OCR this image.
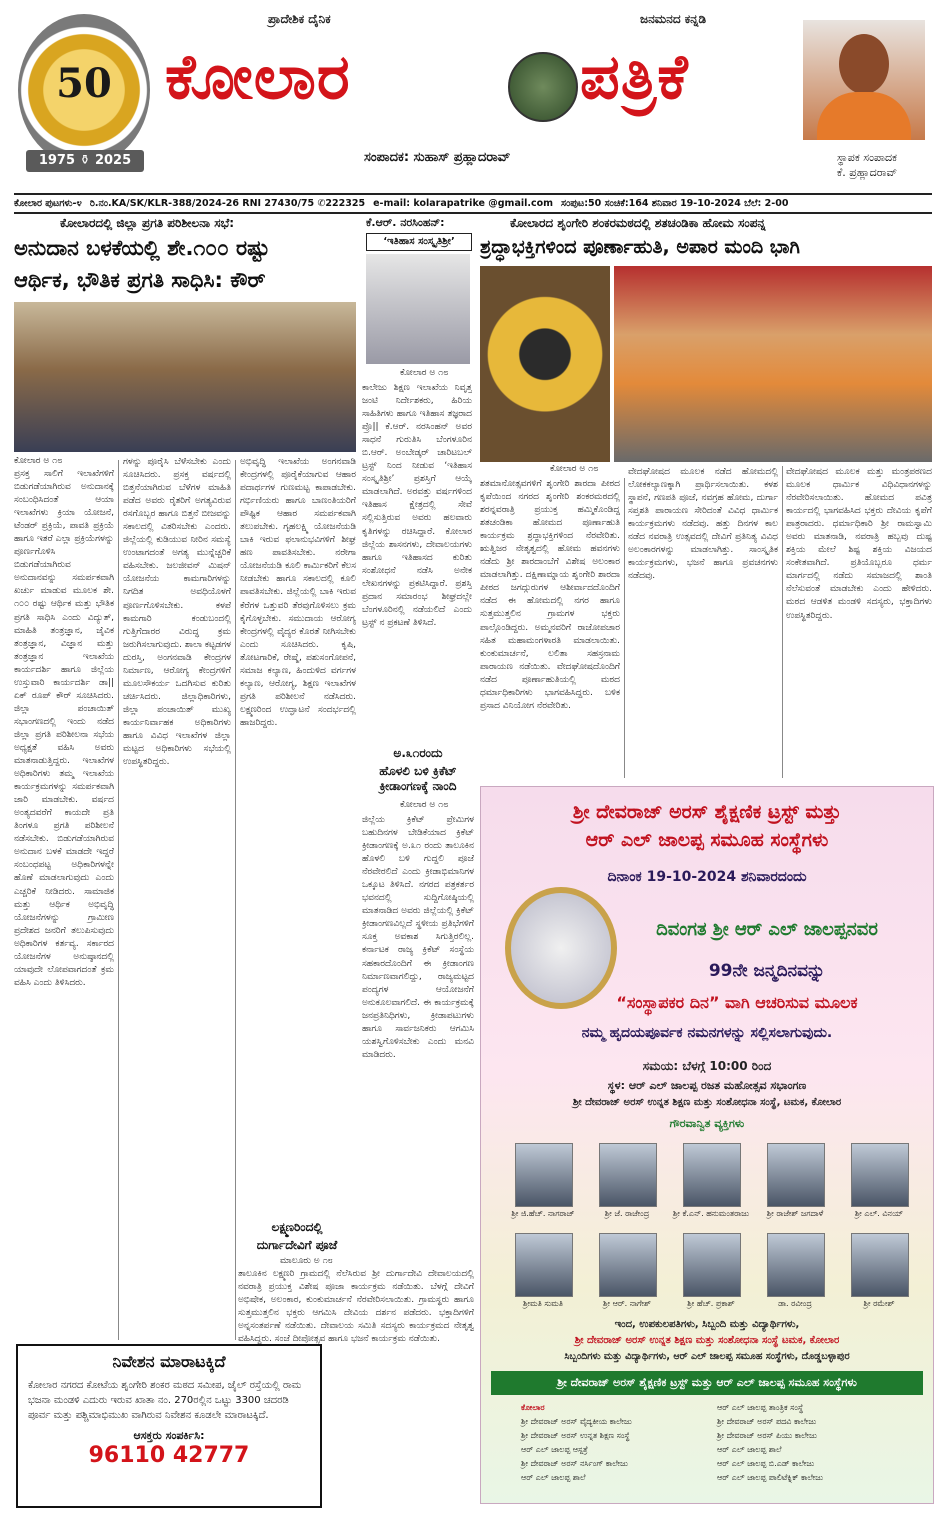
50
1975 ⚱ 2025
ಪ್ರಾದೇಶಿಕ ದೈನಿಕ	ಜನಮನದ ಕನ್ನಡಿ
ಕೋಲಾರ	ಪತ್ರಿಕೆ
ಸಂಪಾದಕ: ಸುಹಾಸ್ ಪ್ರಹ್ಲಾದರಾವ್	ಸ್ಥಾಪಕ ಸಂಪಾದಕ
ಕೆ. ಪ್ರಹ್ಲಾದರಾವ್
ಕೋಲಾರ ಪುಟಗಳು-೪ ರಿ.ನಂ.KA/SK/KLR-388/2024-26 RNI 27430/75 ✆222325 e-mail: kolarapatrike @gmail.com ಸಂಪುಟ:50 ಸಂಚಿಕೆ:164 ಶನಿವಾರ 19-10-2024 ಬೆಲೆ: 2-00
ಕೋಲಾರದಲ್ಲಿ ಜಿಲ್ಲಾ ಪ್ರಗತಿ ಪರಿಶೀಲನಾ ಸಭೆ:
ಅನುದಾನ ಬಳಕೆಯಲ್ಲಿ ಶೇ.೧೦೦ ರಷ್ಟು
ಆರ್ಥಿಕ, ಭೌತಿಕ ಪ್ರಗತಿ ಸಾಧಿಸಿ: ಕೌರ್
ಕೋಲಾರ ಅ ೧೮
ಪ್ರಸಕ್ತ ಸಾಲಿಗೆ ಇಲಾಖೆಗಳಿಗೆ ಬಿಡುಗಡೆಯಾಗಿರುವ ಅನುದಾನಕ್ಕೆ ಸಂಬಂಧಿಸಿದಂತೆ ಆಯಾ ಇಲಾಖೆಗಳು ಕ್ರಿಯಾ ಯೋಜನೆ, ಟೆಂಡರ್ ಪ್ರಕ್ರಿಯೆ, ಪಾವತಿ ಪ್ರಕ್ರಿಯೆ ಹಾಗೂ ಇತರೆ ಎಲ್ಲಾ ಪ್ರಕ್ರಿಯೆಗಳನ್ನು ಪೂರ್ಣಗೊಳಿಸಿ ಬಿಡುಗಡೆಯಾಗಿರುವ ಅನುದಾನವನ್ನು ಸಮರ್ಪಕವಾಗಿ ಖರ್ಚು ಮಾಡುವ ಮೂಲಕ ಶೇ. ೧೦೦ ರಷ್ಟು ಆರ್ಥಿಕ ಮತ್ತು ಭೌತಿಕ ಪ್ರಗತಿ ಸಾಧಿಸಿ ಎಂದು ವಿದ್ಯುತ್, ಮಾಹಿತಿ ತಂತ್ರಜ್ಞಾನ, ಜೈವಿಕ ತಂತ್ರಜ್ಞಾನ, ವಿಜ್ಞಾನ ಮತ್ತು ತಂತ್ರಜ್ಞಾನ ಇಲಾಖೆಯ ಕಾರ್ಯದರ್ಶಿ ಹಾಗೂ ಜಿಲ್ಲೆಯ ಉಸ್ತುವಾರಿ ಕಾರ್ಯದರ್ಶಿ ಡಾ|| ಏಕ್ ರೂಪ್ ಕೌರ್ ಸೂಚಿಸಿದರು. ಜಿಲ್ಲಾ ಪಂಚಾಯಿತ್ ಸಭಾಂಗಣದಲ್ಲಿ ಇಂದು ನಡೆದ ಜಿಲ್ಲಾ ಪ್ರಗತಿ ಪರಿಶೀಲನಾ ಸಭೆಯ ಅಧ್ಯಕ್ಷತೆ ವಹಿಸಿ ಅವರು ಮಾತನಾಡುತ್ತಿದ್ದರು. ಇಲಾಖೆಗಳ ಅಧಿಕಾರಿಗಳು ತಮ್ಮ ಇಲಾಖೆಯ ಕಾರ್ಯಕ್ರಮಗಳನ್ನು ಸಮರ್ಪಕವಾಗಿ ಜಾರಿ ಮಾಡಬೇಕು. ವರ್ಷದ ಅಂತ್ಯದವರೆಗೆ ಕಾಯದೇ ಪ್ರತಿ ತಿಂಗಳೂ ಪ್ರಗತಿ ಪರಿಶೀಲನೆ ನಡೆಸಬೇಕು. ಬಿಡುಗಡೆಯಾಗಿರುವ ಅನುದಾನ ಬಳಕೆ ಮಾಡದೇ ಇದ್ದರೆ ಸಂಬಂಧಪಟ್ಟ ಅಧಿಕಾರಿಗಳನ್ನೇ ಹೊಣೆ ಮಾಡಲಾಗುವುದು ಎಂದು ಎಚ್ಚರಿಕೆ ನೀಡಿದರು. ಸಾಮಾಜಿಕ ಮತ್ತು ಆರ್ಥಿಕ ಅಭಿವೃದ್ಧಿ ಯೋಜನೆಗಳನ್ನು ಗ್ರಾಮೀಣ ಪ್ರದೇಶದ ಜನರಿಗೆ ತಲುಪಿಸುವುದು ಅಧಿಕಾರಿಗಳ ಕರ್ತವ್ಯ. ಸರ್ಕಾರದ ಯೋಜನೆಗಳ ಅನುಷ್ಠಾನದಲ್ಲಿ ಯಾವುದೇ ಲೋಪವಾಗದಂತೆ ಕ್ರಮ ವಹಿಸಿ ಎಂದು ತಿಳಿಸಿದರು.
ಗಳನ್ನು ಪೂರೈಸಿ ಬೆಳೆಸಬೇಕು ಎಂದು ಸೂಚಿಸಿದರು. ಪ್ರಸಕ್ತ ವರ್ಷದಲ್ಲಿ ಬಿತ್ತನೆಯಾಗಿರುವ ಬೆಳೆಗಳ ಮಾಹಿತಿ ಪಡೆದ ಅವರು ರೈತರಿಗೆ ಅಗತ್ಯವಿರುವ ರಸಗೊಬ್ಬರ ಹಾಗೂ ಬಿತ್ತನೆ ಬೀಜವನ್ನು ಸಕಾಲದಲ್ಲಿ ವಿತರಿಸಬೇಕು ಎಂದರು. ಜಿಲ್ಲೆಯಲ್ಲಿ ಕುಡಿಯುವ ನೀರಿನ ಸಮಸ್ಯೆ ಉಂಟಾಗದಂತೆ ಅಗತ್ಯ ಮುನ್ನೆಚ್ಚರಿಕೆ ವಹಿಸಬೇಕು. ಜಲಜೀವನ್ ಮಿಷನ್ ಯೋಜನೆಯ ಕಾಮಗಾರಿಗಳನ್ನು ನಿಗದಿತ ಅವಧಿಯೊಳಗೆ ಪೂರ್ಣಗೊಳಿಸಬೇಕು. ಕಳಪೆ ಕಾಮಗಾರಿ ಕಂಡುಬಂದಲ್ಲಿ ಗುತ್ತಿಗೆದಾರರ ವಿರುದ್ಧ ಕ್ರಮ ಜರುಗಿಸಲಾಗುವುದು. ಶಾಲಾ ಕಟ್ಟಡಗಳ ದುರಸ್ತಿ, ಅಂಗನವಾಡಿ ಕೇಂದ್ರಗಳ ನಿರ್ಮಾಣ, ಆರೋಗ್ಯ ಕೇಂದ್ರಗಳಿಗೆ ಮೂಲಸೌಕರ್ಯ ಒದಗಿಸುವ ಕುರಿತು ಚರ್ಚಿಸಿದರು. ಜಿಲ್ಲಾಧಿಕಾರಿಗಳು, ಜಿಲ್ಲಾ ಪಂಚಾಯಿತ್ ಮುಖ್ಯ ಕಾರ್ಯನಿರ್ವಾಹಕ ಅಧಿಕಾರಿಗಳು ಹಾಗೂ ವಿವಿಧ ಇಲಾಖೆಗಳ ಜಿಲ್ಲಾ ಮಟ್ಟದ ಅಧಿಕಾರಿಗಳು ಸಭೆಯಲ್ಲಿ ಉಪಸ್ಥಿತರಿದ್ದರು.
ಅಭಿವೃದ್ಧಿ ಇಲಾಖೆಯ ಅಂಗನವಾಡಿ ಕೇಂದ್ರಗಳಲ್ಲಿ ಪೂರೈಕೆಯಾಗುವ ಆಹಾರ ಪದಾರ್ಥಗಳ ಗುಣಮಟ್ಟ ಕಾಪಾಡಬೇಕು. ಗರ್ಭಿಣಿಯರು ಹಾಗೂ ಬಾಣಂತಿಯರಿಗೆ ಪೌಷ್ಟಿಕ ಆಹಾರ ಸಮರ್ಪಕವಾಗಿ ತಲುಪಬೇಕು. ಗೃಹಲಕ್ಷ್ಮಿ ಯೋಜನೆಯಡಿ ಬಾಕಿ ಇರುವ ಫಲಾನುಭವಿಗಳಿಗೆ ಶೀಘ್ರ ಹಣ ಪಾವತಿಸಬೇಕು. ನರೇಗಾ ಯೋಜನೆಯಡಿ ಕೂಲಿ ಕಾರ್ಮಿಕರಿಗೆ ಕೆಲಸ ನೀಡಬೇಕು ಹಾಗೂ ಸಕಾಲದಲ್ಲಿ ಕೂಲಿ ಪಾವತಿಸಬೇಕು. ಜಿಲ್ಲೆಯಲ್ಲಿ ಬಾಕಿ ಇರುವ ಕೆರೆಗಳ ಒತ್ತುವರಿ ತೆರವುಗೊಳಿಸಲು ಕ್ರಮ ಕೈಗೊಳ್ಳಬೇಕು. ಸಮುದಾಯ ಆರೋಗ್ಯ ಕೇಂದ್ರಗಳಲ್ಲಿ ವೈದ್ಯರ ಕೊರತೆ ನೀಗಿಸಬೇಕು ಎಂದು ಸೂಚಿಸಿದರು. ಕೃಷಿ, ತೋಟಗಾರಿಕೆ, ರೇಷ್ಮೆ, ಪಶುಸಂಗೋಪನೆ, ಸಮಾಜ ಕಲ್ಯಾಣ, ಹಿಂದುಳಿದ ವರ್ಗಗಳ ಕಲ್ಯಾಣ, ಆರೋಗ್ಯ, ಶಿಕ್ಷಣ ಇಲಾಖೆಗಳ ಪ್ರಗತಿ ಪರಿಶೀಲನೆ ನಡೆಸಿದರು. ಲಕ್ಷ್ಮಣರಿಂದ ಉದ್ಘಾಟನೆ ಸಂದರ್ಭದಲ್ಲಿ ಹಾಜರಿದ್ದರು.
ಕೆ.ಆರ್. ನರಸಿಂಹನ್:
‘ಇತಿಹಾಸ ಸಂಸ್ಕೃತಿಶ್ರೀ’
ಕೋಲಾರ ಅ ೧೮
ಕಾಲೇಜು ಶಿಕ್ಷಣ ಇಲಾಖೆಯ ನಿವೃತ್ತ ಜಂಟಿ ನಿರ್ದೇಶಕರು, ಹಿರಿಯ ಸಾಹಿತಿಗಳು ಹಾಗೂ ಇತಿಹಾಸ ತಜ್ಞರಾದ ಪ್ರೊ|| ಕೆ.ಆರ್. ನರಸಿಂಹನ್ ಅವರ ಸಾಧನೆ ಗುರುತಿಸಿ ಬೆಂಗಳೂರಿನ ಬಿ.ಆರ್. ಅಂಬೇಡ್ಕರ್ ಚಾರಿಟಬಲ್ ಟ್ರಸ್ಟ್ ನಿಂದ ನೀಡುವ ‘ಇತಿಹಾಸ ಸಂಸ್ಕೃತಿಶ್ರೀ’ ಪ್ರಶಸ್ತಿಗೆ ಆಯ್ಕೆ ಮಾಡಲಾಗಿದೆ. ಅರವತ್ತು ವರ್ಷಗಳಿಂದ ಇತಿಹಾಸ ಕ್ಷೇತ್ರದಲ್ಲಿ ಸೇವೆ ಸಲ್ಲಿಸುತ್ತಿರುವ ಅವರು ಹಲವಾರು ಕೃತಿಗಳನ್ನು ರಚಿಸಿದ್ದಾರೆ. ಕೋಲಾರ ಜಿಲ್ಲೆಯ ಶಾಸನಗಳು, ದೇವಾಲಯಗಳು ಹಾಗೂ ಇತಿಹಾಸದ ಕುರಿತು ಸಂಶೋಧನೆ ನಡೆಸಿ ಅನೇಕ ಲೇಖನಗಳನ್ನು ಪ್ರಕಟಿಸಿದ್ದಾರೆ. ಪ್ರಶಸ್ತಿ ಪ್ರದಾನ ಸಮಾರಂಭ ಶೀಘ್ರದಲ್ಲೇ ಬೆಂಗಳೂರಿನಲ್ಲಿ ನಡೆಯಲಿದೆ ಎಂದು ಟ್ರಸ್ಟ್ ನ ಪ್ರಕಟಣೆ ತಿಳಿಸಿದೆ.
ಅ.೩೧ರಂದು
ಹೊಳಲಿ ಬಳಿ ಕ್ರಿಕೆಟ್ ಕ್ರೀಡಾಂಗಣಕ್ಕೆ ನಾಂದಿ
ಕೋಲಾರ ಅ ೧೮
ಜಿಲ್ಲೆಯ ಕ್ರಿಕೆಟ್ ಪ್ರೇಮಿಗಳ ಬಹುದಿನಗಳ ಬೇಡಿಕೆಯಾದ ಕ್ರಿಕೆಟ್ ಕ್ರೀಡಾಂಗಣಕ್ಕೆ ಅ.೩೧ ರಂದು ತಾಲೂಕಿನ ಹೊಳಲಿ ಬಳಿ ಗುದ್ದಲಿ ಪೂಜೆ ನೆರವೇರಲಿದೆ ಎಂದು ಕ್ರೀಡಾಭಿಮಾನಿಗಳ ಒಕ್ಕೂಟ ತಿಳಿಸಿದೆ. ನಗರದ ಪತ್ರಕರ್ತರ ಭವನದಲ್ಲಿ ಸುದ್ದಿಗೋಷ್ಠಿಯಲ್ಲಿ ಮಾತನಾಡಿದ ಅವರು ಜಿಲ್ಲೆಯಲ್ಲಿ ಕ್ರಿಕೆಟ್ ಕ್ರೀಡಾಂಗಣವಿಲ್ಲದೆ ಸ್ಥಳೀಯ ಪ್ರತಿಭೆಗಳಿಗೆ ಸೂಕ್ತ ಅವಕಾಶ ಸಿಗುತ್ತಿರಲಿಲ್ಲ. ಕರ್ನಾಟಕ ರಾಜ್ಯ ಕ್ರಿಕೆಟ್ ಸಂಸ್ಥೆಯ ಸಹಕಾರದೊಂದಿಗೆ ಈ ಕ್ರೀಡಾಂಗಣ ನಿರ್ಮಾಣವಾಗಲಿದ್ದು, ರಾಜ್ಯಮಟ್ಟದ ಪಂದ್ಯಗಳ ಆಯೋಜನೆಗೆ ಅನುಕೂಲವಾಗಲಿದೆ. ಈ ಕಾರ್ಯಕ್ರಮಕ್ಕೆ ಜನಪ್ರತಿನಿಧಿಗಳು, ಕ್ರೀಡಾಪಟುಗಳು ಹಾಗೂ ಸಾರ್ವಜನಿಕರು ಆಗಮಿಸಿ ಯಶಸ್ವಿಗೊಳಿಸಬೇಕು ಎಂದು ಮನವಿ ಮಾಡಿದರು.
ಲಕ್ಷ್ಮಣರಿಂದಲ್ಲಿ
ದುರ್ಗಾದೇವಿಗೆ ಪೂಜೆ
ಮಾಲೂರು ಅ ೧೮
ತಾಲೂಕಿನ ಲಕ್ಷ್ಮಣರಿ ಗ್ರಾಮದಲ್ಲಿ ನೆಲೆಸಿರುವ ಶ್ರೀ ದುರ್ಗಾದೇವಿ ದೇವಾಲಯದಲ್ಲಿ ನವರಾತ್ರಿ ಪ್ರಯುಕ್ತ ವಿಶೇಷ ಪೂಜಾ ಕಾರ್ಯಕ್ರಮ ನಡೆಯಿತು. ಬೆಳಗ್ಗೆ ದೇವಿಗೆ ಅಭಿಷೇಕ, ಅಲಂಕಾರ, ಕುಂಕುಮಾರ್ಚನೆ ನೆರವೇರಿಸಲಾಯಿತು. ಗ್ರಾಮಸ್ಥರು ಹಾಗೂ ಸುತ್ತಮುತ್ತಲಿನ ಭಕ್ತರು ಆಗಮಿಸಿ ದೇವಿಯ ದರ್ಶನ ಪಡೆದರು. ಭಕ್ತಾದಿಗಳಿಗೆ ಅನ್ನಸಂತರ್ಪಣೆ ನಡೆಯಿತು. ದೇವಾಲಯ ಸಮಿತಿ ಸದಸ್ಯರು ಕಾರ್ಯಕ್ರಮದ ನೇತೃತ್ವ ವಹಿಸಿದ್ದರು. ಸಂಜೆ ದೀಪೋತ್ಸವ ಹಾಗೂ ಭಜನೆ ಕಾರ್ಯಕ್ರಮ ನಡೆಯಿತು.
ಕೋಲಾರದ ಶೃಂಗೇರಿ ಶಂಕರಮಠದಲ್ಲಿ ಶತಚಂಡಿಕಾ ಹೋಮ ಸಂಪನ್ನ
ಶ್ರದ್ಧಾಭಕ್ತಿಗಳಿಂದ ಪೂರ್ಣಾಹುತಿ, ಅಪಾರ ಮಂದಿ ಭಾಗಿ
ಕೋಲಾರ ಅ ೧೮
ಶತಮಾನೋತ್ಸವಗಳಿಗೆ ಶೃಂಗೇರಿ ಶಾರದಾ ಪೀಠದ ಕೃಪೆಯಿಂದ ನಗರದ ಶೃಂಗೇರಿ ಶಂಕರಮಠದಲ್ಲಿ ಶರನ್ನವರಾತ್ರಿ ಪ್ರಯುಕ್ತ ಹಮ್ಮಿಕೊಂಡಿದ್ದ ಶತಚಂಡಿಕಾ ಹೋಮದ ಪೂರ್ಣಾಹುತಿ ಕಾರ್ಯಕ್ರಮ ಶ್ರದ್ಧಾಭಕ್ತಿಗಳಿಂದ ನೆರವೇರಿತು. ಋತ್ವಿಜರ ನೇತೃತ್ವದಲ್ಲಿ ಹೋಮ ಹವನಗಳು ನಡೆದು ಶ್ರೀ ಶಾರದಾಂಬೆಗೆ ವಿಶೇಷ ಅಲಂಕಾರ ಮಾಡಲಾಗಿತ್ತು. ದಕ್ಷಿಣಾಮ್ನಾಯ ಶೃಂಗೇರಿ ಶಾರದಾ ಪೀಠದ ಜಗದ್ಗುರುಗಳ ಆಶೀರ್ವಾದದೊಂದಿಗೆ ನಡೆದ ಈ ಹೋಮದಲ್ಲಿ ನಗರ ಹಾಗೂ ಸುತ್ತಮುತ್ತಲಿನ ಗ್ರಾಮಗಳ ಭಕ್ತರು ಪಾಲ್ಗೊಂಡಿದ್ದರು. ಅಮ್ಮನವರಿಗೆ ರಾಜೋಪಚಾರ ಸಹಿತ ಮಹಾಮಂಗಳಾರತಿ ಮಾಡಲಾಯಿತು. ಕುಂಕುಮಾರ್ಚನೆ, ಲಲಿತಾ ಸಹಸ್ರನಾಮ ಪಾರಾಯಣ ನಡೆಯಿತು. ವೇದಘೋಷದೊಂದಿಗೆ ನಡೆದ ಪೂರ್ಣಾಹುತಿಯಲ್ಲಿ ಮಠದ ಧರ್ಮಾಧಿಕಾರಿಗಳು ಭಾಗವಹಿಸಿದ್ದರು. ಬಳಿಕ ಪ್ರಸಾದ ವಿನಿಯೋಗ ನೆರವೇರಿತು.
ವೇದಘೋಷದ ಮೂಲಕ ನಡೆದ ಹೋಮದಲ್ಲಿ ಲೋಕಕಲ್ಯಾಣಕ್ಕಾಗಿ ಪ್ರಾರ್ಥಿಸಲಾಯಿತು. ಕಳಶ ಸ್ಥಾಪನೆ, ಗಣಪತಿ ಪೂಜೆ, ನವಗ್ರಹ ಹೋಮ, ದುರ್ಗಾ ಸಪ್ತಶತಿ ಪಾರಾಯಣ ಸೇರಿದಂತೆ ವಿವಿಧ ಧಾರ್ಮಿಕ ಕಾರ್ಯಕ್ರಮಗಳು ನಡೆದವು. ಹತ್ತು ದಿನಗಳ ಕಾಲ ನಡೆದ ನವರಾತ್ರಿ ಉತ್ಸವದಲ್ಲಿ ದೇವಿಗೆ ಪ್ರತಿನಿತ್ಯ ವಿವಿಧ ಅಲಂಕಾರಗಳನ್ನು ಮಾಡಲಾಗಿತ್ತು. ಸಾಂಸ್ಕೃತಿಕ ಕಾರ್ಯಕ್ರಮಗಳು, ಭಜನೆ ಹಾಗೂ ಪ್ರವಚನಗಳು ನಡೆದವು.
ವೇದಘೋಷದ ಮೂಲಕ ಮತ್ತು ಮಂತ್ರಪಠಣದ ಮೂಲಕ ಧಾರ್ಮಿಕ ವಿಧಿವಿಧಾನಗಳನ್ನು ನೆರವೇರಿಸಲಾಯಿತು. ಹೋಮದ ಪವಿತ್ರ ಕಾರ್ಯದಲ್ಲಿ ಭಾಗವಹಿಸಿದ ಭಕ್ತರು ದೇವಿಯ ಕೃಪೆಗೆ ಪಾತ್ರರಾದರು. ಧರ್ಮಾಧಿಕಾರಿ ಶ್ರೀ ರಾಮಸ್ವಾಮಿ ಅವರು ಮಾತನಾಡಿ, ನವರಾತ್ರಿ ಹಬ್ಬವು ದುಷ್ಟ ಶಕ್ತಿಯ ಮೇಲೆ ಶಿಷ್ಟ ಶಕ್ತಿಯ ವಿಜಯದ ಸಂಕೇತವಾಗಿದೆ. ಪ್ರತಿಯೊಬ್ಬರೂ ಧರ್ಮ ಮಾರ್ಗದಲ್ಲಿ ನಡೆದು ಸಮಾಜದಲ್ಲಿ ಶಾಂತಿ ನೆಲೆಸುವಂತೆ ಮಾಡಬೇಕು ಎಂದು ಹೇಳಿದರು. ಮಠದ ಆಡಳಿತ ಮಂಡಳಿ ಸದಸ್ಯರು, ಭಕ್ತಾದಿಗಳು ಉಪಸ್ಥಿತರಿದ್ದರು.
ನಿವೇಶನ ಮಾರಾಟಕ್ಕಿದೆ
ಕೋಲಾರ ನಗರದ ಕೋಟೆಯ ಶೃಂಗೇರಿ ಶಂಕರ ಮಠದ ಸಮೀಪ, ಜೈಲ್ ರಸ್ತೆಯಲ್ಲಿ ರಾಮ ಭಜನಾ ಮಂಡಳಿ ಎದುರು ಇರುವ ಖಾತಾ ನಂ. 270ರಲ್ಲಿನ ಒಟ್ಟು 3300 ಚದರಡಿ ಪೂರ್ವ ಮತ್ತು ಪಶ್ಚಿಮಾಭಿಮುಖ ವಾಗಿರುವ ನಿವೇಶನ ಕೂಡಲೇ ಮಾರಾಟಕ್ಕಿದೆ.
ಆಸಕ್ತರು ಸಂಪರ್ಕಿಸಿ:
96110 42777
ಶ್ರೀ ದೇವರಾಜ್ ಅರಸ್ ಶೈಕ್ಷಣಿಕ ಟ್ರಸ್ಟ್ ಮತ್ತು
ಆರ್ ಎಲ್ ಜಾಲಪ್ಪ ಸಮೂಹ ಸಂಸ್ಥೆಗಳು
ದಿನಾಂಕ 19-10-2024 ಶನಿವಾರದಂದು
ದಿವಂಗತ ಶ್ರೀ ಆರ್ ಎಲ್ ಜಾಲಪ್ಪನವರ
99ನೇ ಜನ್ಮದಿನವನ್ನು
“ಸಂಸ್ಥಾಪಕರ ದಿನ” ವಾಗಿ ಆಚರಿಸುವ ಮೂಲಕ
ನಮ್ಮ ಹೃದಯಪೂರ್ವಕ ನಮನಗಳನ್ನು ಸಲ್ಲಿಸಲಾಗುವುದು.
ಸಮಯ: ಬೆಳಗ್ಗೆ 10:00 ರಿಂದ
ಸ್ಥಳ: ಆರ್ ಎಲ್ ಜಾಲಪ್ಪ ರಜತ ಮಹೋತ್ಸವ ಸಭಾಂಗಣ
ಶ್ರೀ ದೇವರಾಜ್ ಅರಸ್ ಉನ್ನತ ಶಿಕ್ಷಣ ಮತ್ತು ಸಂಶೋಧನಾ ಸಂಸ್ಥೆ, ಟಮಕ, ಕೋಲಾರ
ಗೌರವಾನ್ವಿತ ವ್ಯಕ್ತಿಗಳು
ಶ್ರೀ ಜಿ.ಹೆಚ್. ನಾಗರಾಜ್	ಶ್ರೀ ಜೆ. ರಾಜೇಂದ್ರ	ಶ್ರೀ ಕೆ.ಎನ್. ಹನುಮಂತರಾಜು	ಶ್ರೀ ರಾಜೇಶ್ ಜಗದಾಳೆ	ಶ್ರೀ ಎಲ್. ವಿನಯ್
ಶ್ರೀಮತಿ ಸುಮತಿ	ಶ್ರೀ ಆರ್. ನಾಗೇಶ್	ಶ್ರೀ ಹೆಚ್. ಪ್ರಕಾಶ್	ಡಾ. ರವೀಂದ್ರ	ಶ್ರೀ ರಮೇಶ್
ಇಂದ, ಉಪಕುಲಪತಿಗಳು, ಸಿಬ್ಬಂದಿ ಮತ್ತು ವಿದ್ಯಾರ್ಥಿಗಳು,
ಶ್ರೀ ದೇವರಾಜ್ ಅರಸ್ ಉನ್ನತ ಶಿಕ್ಷಣ ಮತ್ತು ಸಂಶೋಧನಾ ಸಂಸ್ಥೆ ಟಮಕ, ಕೋಲಾರ
ಸಿಬ್ಬಂದಿಗಳು ಮತ್ತು ವಿದ್ಯಾರ್ಥಿಗಳು, ಆರ್ ಎಲ್ ಜಾಲಪ್ಪ ಸಮೂಹ ಸಂಸ್ಥೆಗಳು, ದೊಡ್ಡಬಳ್ಳಾಪುರ
ಶ್ರೀ ದೇವರಾಜ್ ಅರಸ್ ಶೈಕ್ಷಣಿಕ ಟ್ರಸ್ಟ್ ಮತ್ತು ಆರ್ ಎಲ್ ಜಾಲಪ್ಪ ಸಮೂಹ ಸಂಸ್ಥೆಗಳು
ಕೋಲಾರ
ಶ್ರೀ ದೇವರಾಜ್ ಅರಸ್ ವೈದ್ಯಕೀಯ ಕಾಲೇಜು
ಶ್ರೀ ದೇವರಾಜ್ ಅರಸ್ ಉನ್ನತ ಶಿಕ್ಷಣ ಸಂಸ್ಥೆ
ಆರ್ ಎಲ್ ಜಾಲಪ್ಪ ಆಸ್ಪತ್ರೆ
ಶ್ರೀ ದೇವರಾಜ್ ಅರಸ್ ನರ್ಸಿಂಗ್ ಕಾಲೇಜು
ಆರ್ ಎಲ್ ಜಾಲಪ್ಪ ಶಾಲೆ
ಆರ್ ಎಲ್ ಜಾಲಪ್ಪ ತಾಂತ್ರಿಕ ಸಂಸ್ಥೆ
ಶ್ರೀ ದೇವರಾಜ್ ಅರಸ್ ಪದವಿ ಕಾಲೇಜು
ಶ್ರೀ ದೇವರಾಜ್ ಅರಸ್ ಪಿಯು ಕಾಲೇಜು
ಆರ್ ಎಲ್ ಜಾಲಪ್ಪ ಶಾಲೆ
ಆರ್ ಎಲ್ ಜಾಲಪ್ಪ ಬಿ.ಎಡ್ ಕಾಲೇಜು
ಆರ್ ಎಲ್ ಜಾಲಪ್ಪ ಪಾಲಿಟೆಕ್ನಿಕ್ ಕಾಲೇಜು
